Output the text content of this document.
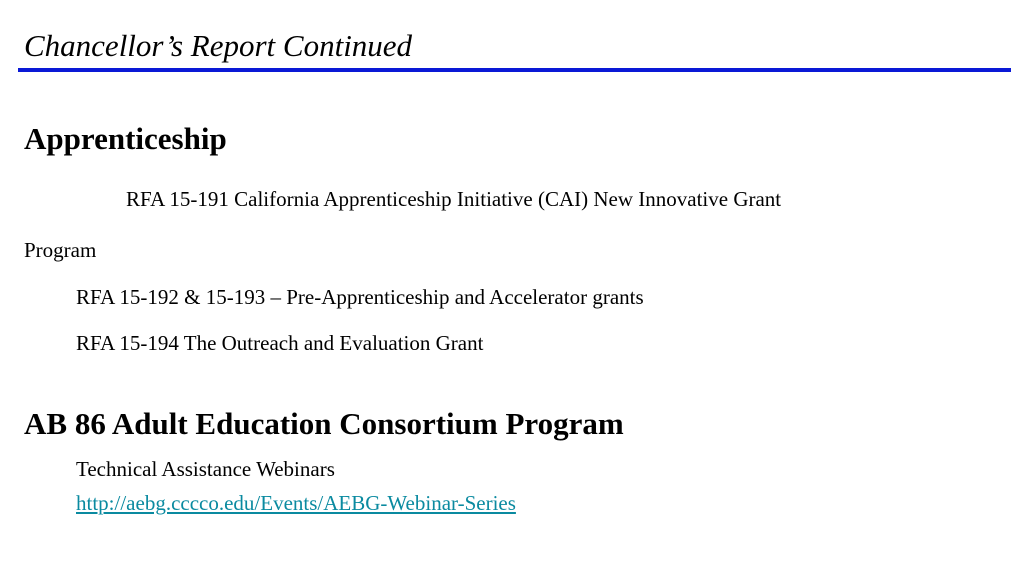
Chancellor’s Report Continued
Apprenticeship
RFA 15-191 California Apprenticeship Initiative (CAI) New Innovative Grant
Program
RFA 15-192 & 15-193 – Pre-Apprenticeship and Accelerator grants
RFA 15-194 The Outreach and Evaluation Grant
AB 86 Adult Education Consortium Program
Technical Assistance Webinars
http://aebg.cccco.edu/Events/AEBG-Webinar-Series
